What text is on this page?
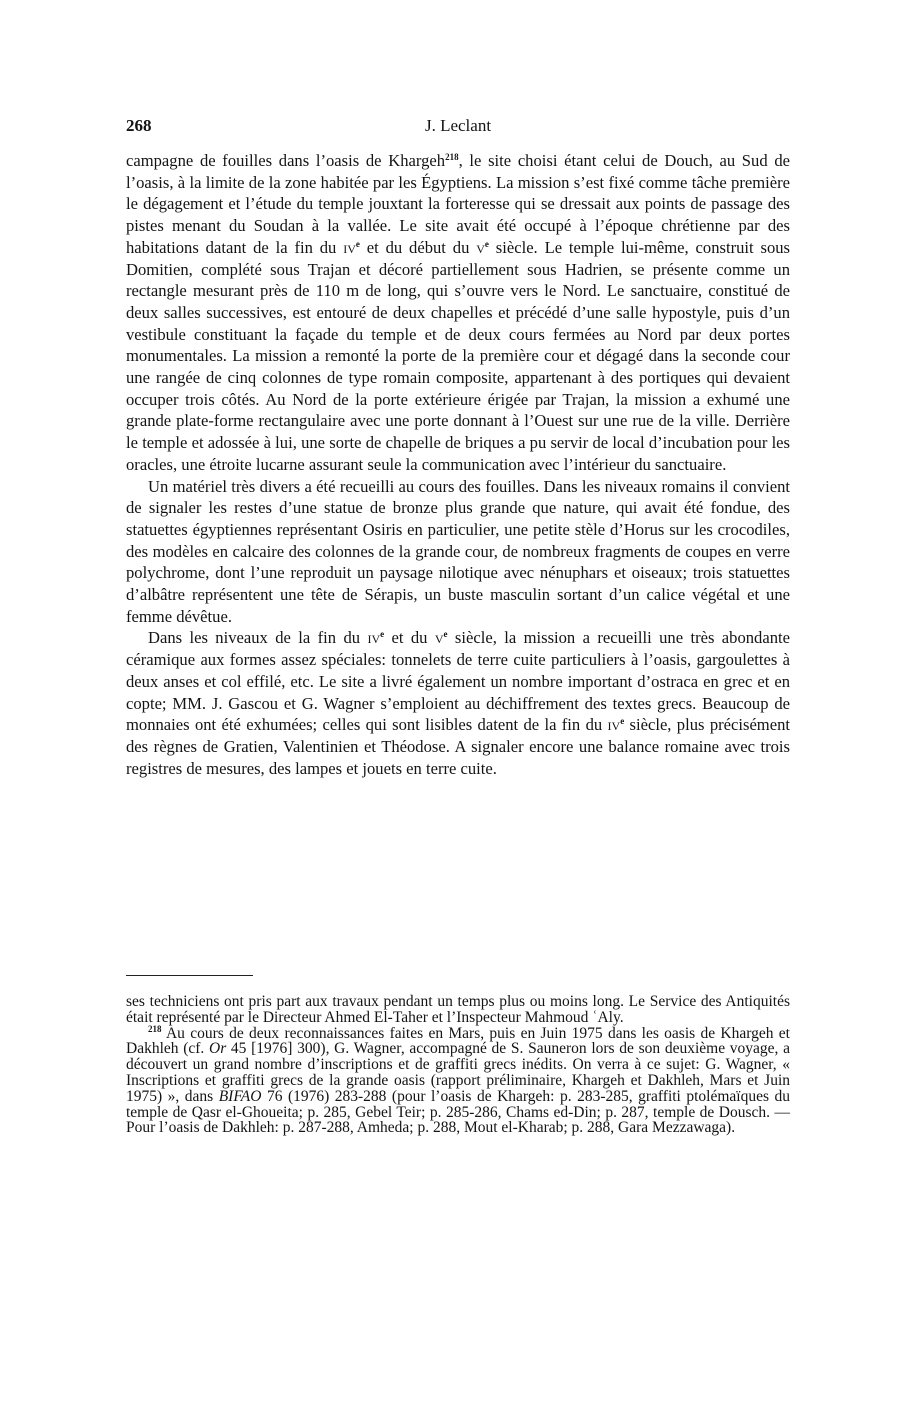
268	J. Leclant

campagne de fouilles dans l’oasis de Khargeh$^{218}$, le site choisi étant celui de Douch, au Sud de l’oasis, à la limite de la zone habitée par les Égyptiens. La mission s’est fixé comme tâche première le dégagement et l’étude du temple jouxtant la forteresse qui se dressait aux points de passage des pistes menant du Soudan à la vallée. Le site avait été occupé à l’époque chrétienne par des habitations datant de la fin du $iv^e$ et du début du $v^e$ siècle. Le temple lui-même, construit sous Domitien, complété sous Trajan et décoré partiellement sous Hadrien, se présente comme un rectangle mesurant près de 110 m de long, qui s’ouvre vers le Nord. Le sanctuaire, constitué de deux salles successives, est entouré de deux chapelles et précédé d’une salle hypostyle, puis d’un vestibule constituant la façade du temple et de deux cours fermées au Nord par deux portes monumentales. La mission a remonté la porte de la première cour et dégagé dans la seconde cour une rangée de cinq colonnes de type romain composite, appartenant à des portiques qui devaient occuper trois côtés. Au Nord de la porte extérieure érigée par Trajan, la mission a exhumé une grande plate-forme rectangulaire avec une porte donnant à l’Ouest sur une rue de la ville. Derrière le temple et adossée à lui, une sorte de chapelle de briques a pu servir de local d’incubation pour les oracles, une étroite lucarne assurant seule la communication avec l’intérieur du sanctuaire.

Un matériel très divers a été recueilli au cours des fouilles. Dans les niveaux romains il convient de signaler les restes d’une statue de bronze plus grande que nature, qui avait été fondue, des statuettes égyptiennes représentant Osiris en particulier, une petite stèle d’Horus sur les crocodiles, des modèles en calcaire des colonnes de la grande cour, de nombreux fragments de coupes en verre polychrome, dont l’une reproduit un paysage nilotique avec nénuphars et oiseaux; trois statuettes d’albâtre représentent une tête de Sérapis, un buste masculin sortant d’un calice végétal et une femme dévêtue.

Dans les niveaux de la fin du $iv^e$ et du $v^e$ siècle, la mission a recueilli une très abondante céramique aux formes assez spéciales: tonnelets de terre cuite particuliers à l’oasis, gargoulettes à deux anses et col effilé, etc. Le site a livré également un nombre important d’ostraca en grec et en copte; MM. J. Gascou et G. Wagner s’emploient au déchiffrement des textes grecs. Beaucoup de monnaies ont été exhumées; celles qui sont lisibles datent de la fin du $iv^e$ siècle, plus précisément des règnes de Gratien, Valentinien et Théodose. A signaler encore une balance romaine avec trois registres de mesures, des lampes et jouets en terre cuite.

ses techniciens ont pris part aux travaux pendant un temps plus ou moins long. Le Service des Antiquités était représenté par le Directeur Ahmed El-Taher et l’Inspecteur Mahmoud ʿAly.

$^{218}$ Au cours de deux reconnaissances faites en Mars, puis en Juin 1975 dans les oasis de Khargeh et Dakhleh (cf. Or 45 [1976] 300), G. Wagner, accompagné de S. Sauneron lors de son deuxième voyage, a découvert un grand nombre d’inscriptions et de graffiti grecs inédits. On verra à ce sujet: G. Wagner, « Inscriptions et graffiti grecs de la grande oasis (rapport préliminaire, Khargeh et Dakhleh, Mars et Juin 1975) », dans BIFAO 76 (1976) 283-288 (pour l’oasis de Khargeh: p. 283-285, graffiti ptolémaïques du temple de Qasr el-Ghoueita; p. 285, Gebel Teir; p. 285-286, Chams ed-Din; p. 287, temple de Dousch. — Pour l’oasis de Dakhleh: p. 287-288, Amheda; p. 288, Mout el-Kharab; p. 288, Gara Mezzawaga).
